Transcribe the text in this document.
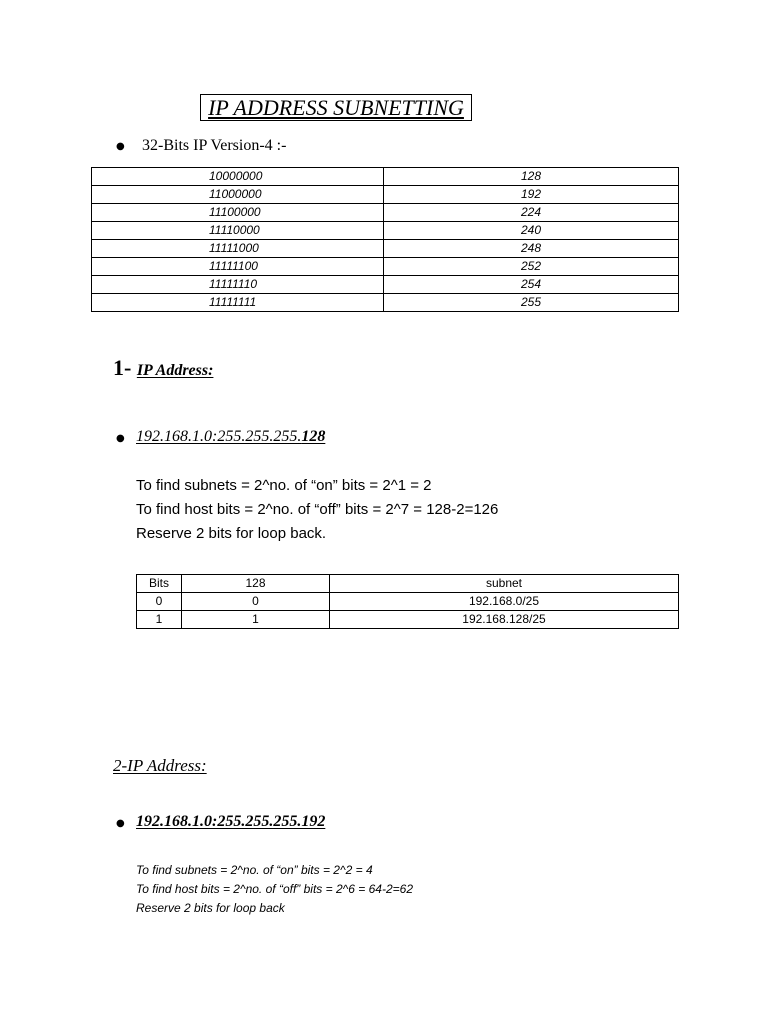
IP ADDRESS SUBNETTING
● 32-Bits IP Version-4 :-
10000000	128
11000000	192
11100000	224
11110000	240
11111000	248
11111100	252
11111110	254
11111111	255
1- IP Address:
● 192.168.1.0:255.255.255.128
To find subnets = 2^no. of “on” bits = 2^1 = 2
To find host bits = 2^no. of “off” bits = 2^7 = 128-2=126
Reserve 2 bits for loop back.
Bits	128	subnet
0	0	192.168.0/25
1	1	192.168.128/25
2-IP Address:
● 192.168.1.0:255.255.255.192
To find subnets = 2^no. of “on” bits = 2^2 = 4
To find host bits = 2^no. of “off” bits = 2^6 = 64-2=62
Reserve 2 bits for loop back
